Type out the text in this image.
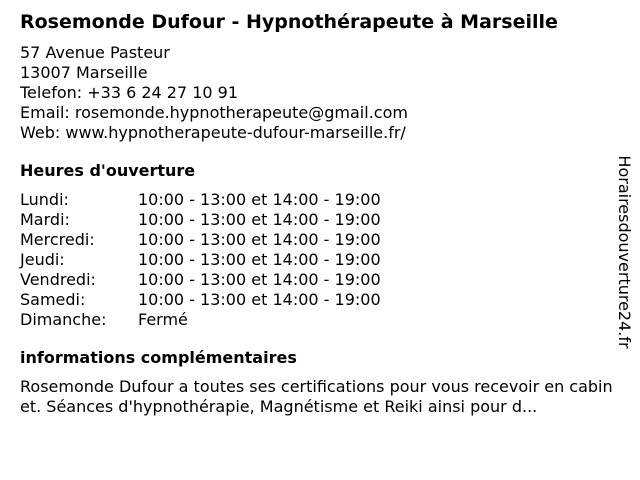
Rosemonde Dufour - Hypnothérapeute à Marseille
57 Avenue Pasteur
13007 Marseille
Telefon: +33 6 24 27 10 91
Email: rosemonde.hypnotherapeute@gmail.com
Web: www.hypnotherapeute-dufour-marseille.fr/
Heures d'ouverture
Lundi:	10:00 - 13:00 et 14:00 - 19:00
Mardi:	10:00 - 13:00 et 14:00 - 19:00
Mercredi:	10:00 - 13:00 et 14:00 - 19:00
Jeudi:	10:00 - 13:00 et 14:00 - 19:00
Vendredi:	10:00 - 13:00 et 14:00 - 19:00
Samedi:	10:00 - 13:00 et 14:00 - 19:00
Dimanche: Fermé
informations complémentaires
Rosemonde Dufour a toutes ses certifications pour vous recevoir en cabinet. Séances d'hypnothérapie, Magnétisme et Reiki ainsi pour d...
Horairesdouverture24.fr
